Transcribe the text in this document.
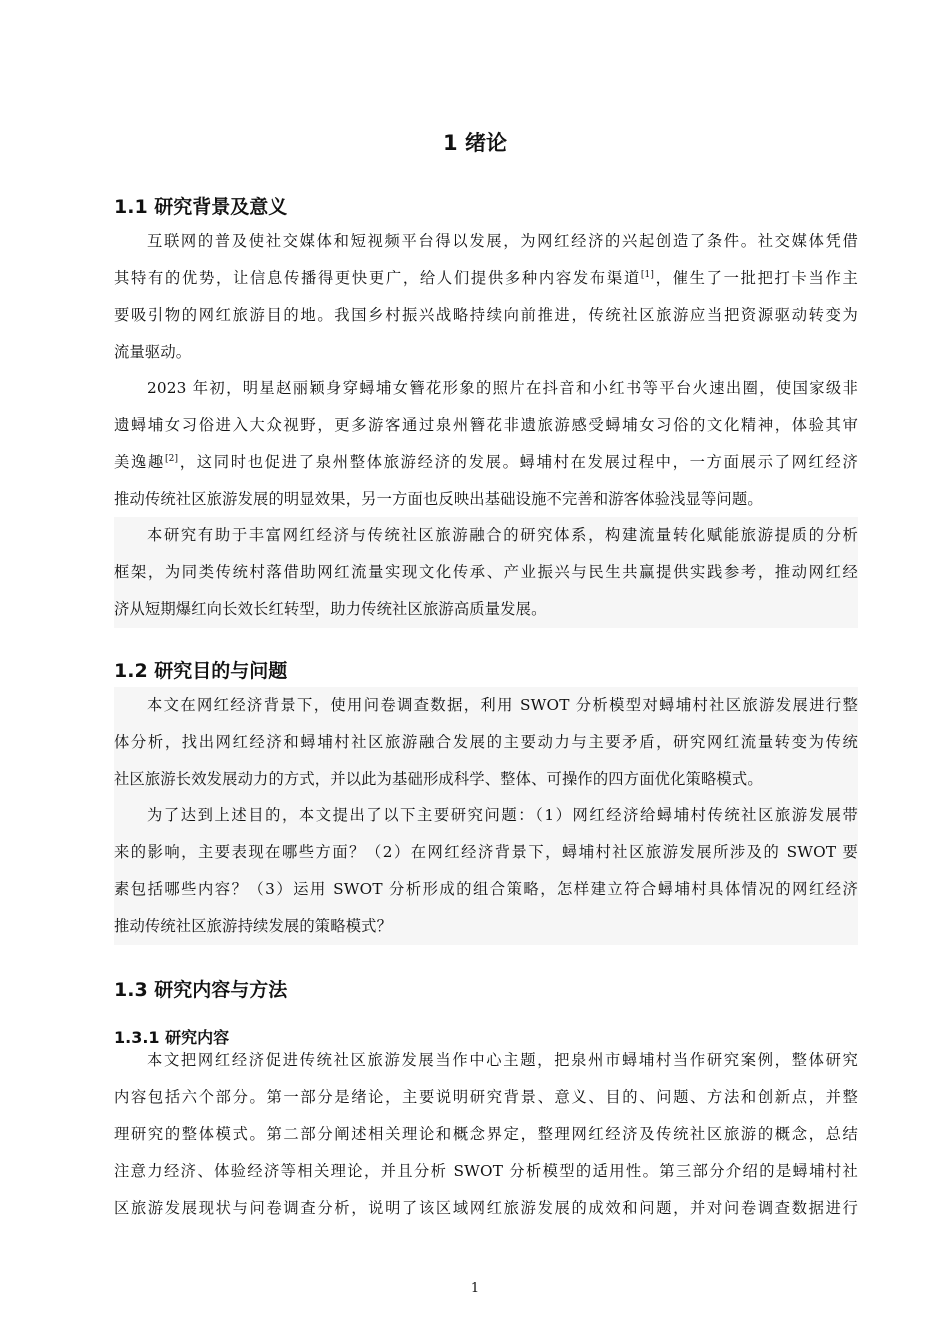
1 绪论
1.1 研究背景及意义
互联网的普及使社交媒体和短视频平台得以发展，为网红经济的兴起创造了条件。社交媒体凭借
其特有的优势，让信息传播得更快更广，给人们提供多种内容发布渠道[1]，催生了一批把打卡当作主
要吸引物的网红旅游目的地。我国乡村振兴战略持续向前推进，传统社区旅游应当把资源驱动转变为
流量驱动。
2023 年初，明星赵丽颖身穿蟳埔女簪花形象的照片在抖音和小红书等平台火速出圈，使国家级非
遗蟳埔女习俗进入大众视野，更多游客通过泉州簪花非遗旅游感受蟳埔女习俗的文化精神，体验其审
美逸趣[2]，这同时也促进了泉州整体旅游经济的发展。蟳埔村在发展过程中，一方面展示了网红经济
推动传统社区旅游发展的明显效果，另一方面也反映出基础设施不完善和游客体验浅显等问题。
本研究有助于丰富网红经济与传统社区旅游融合的研究体系，构建流量转化赋能旅游提质的分析
框架，为同类传统村落借助网红流量实现文化传承、产业振兴与民生共赢提供实践参考，推动网红经
济从短期爆红向长效长红转型，助力传统社区旅游高质量发展。
1.2 研究目的与问题
本文在网红经济背景下，使用问卷调查数据，利用 SWOT 分析模型对蟳埔村社区旅游发展进行整
体分析，找出网红经济和蟳埔村社区旅游融合发展的主要动力与主要矛盾，研究网红流量转变为传统
社区旅游长效发展动力的方式，并以此为基础形成科学、整体、可操作的四方面优化策略模式。
为了达到上述目的，本文提出了以下主要研究问题：（1）网红经济给蟳埔村传统社区旅游发展带
来的影响，主要表现在哪些方面？（2）在网红经济背景下，蟳埔村社区旅游发展所涉及的 SWOT 要
素包括哪些内容？（3）运用 SWOT 分析形成的组合策略，怎样建立符合蟳埔村具体情况的网红经济
推动传统社区旅游持续发展的策略模式？
1.3 研究内容与方法
1.3.1 研究内容
本文把网红经济促进传统社区旅游发展当作中心主题，把泉州市蟳埔村当作研究案例，整体研究
内容包括六个部分。第一部分是绪论，主要说明研究背景、意义、目的、问题、方法和创新点，并整
理研究的整体模式。第二部分阐述相关理论和概念界定，整理网红经济及传统社区旅游的概念，总结
注意力经济、体验经济等相关理论，并且分析 SWOT 分析模型的适用性。第三部分介绍的是蟳埔村社
区旅游发展现状与问卷调查分析，说明了该区域网红旅游发展的成效和问题，并对问卷调查数据进行
1
